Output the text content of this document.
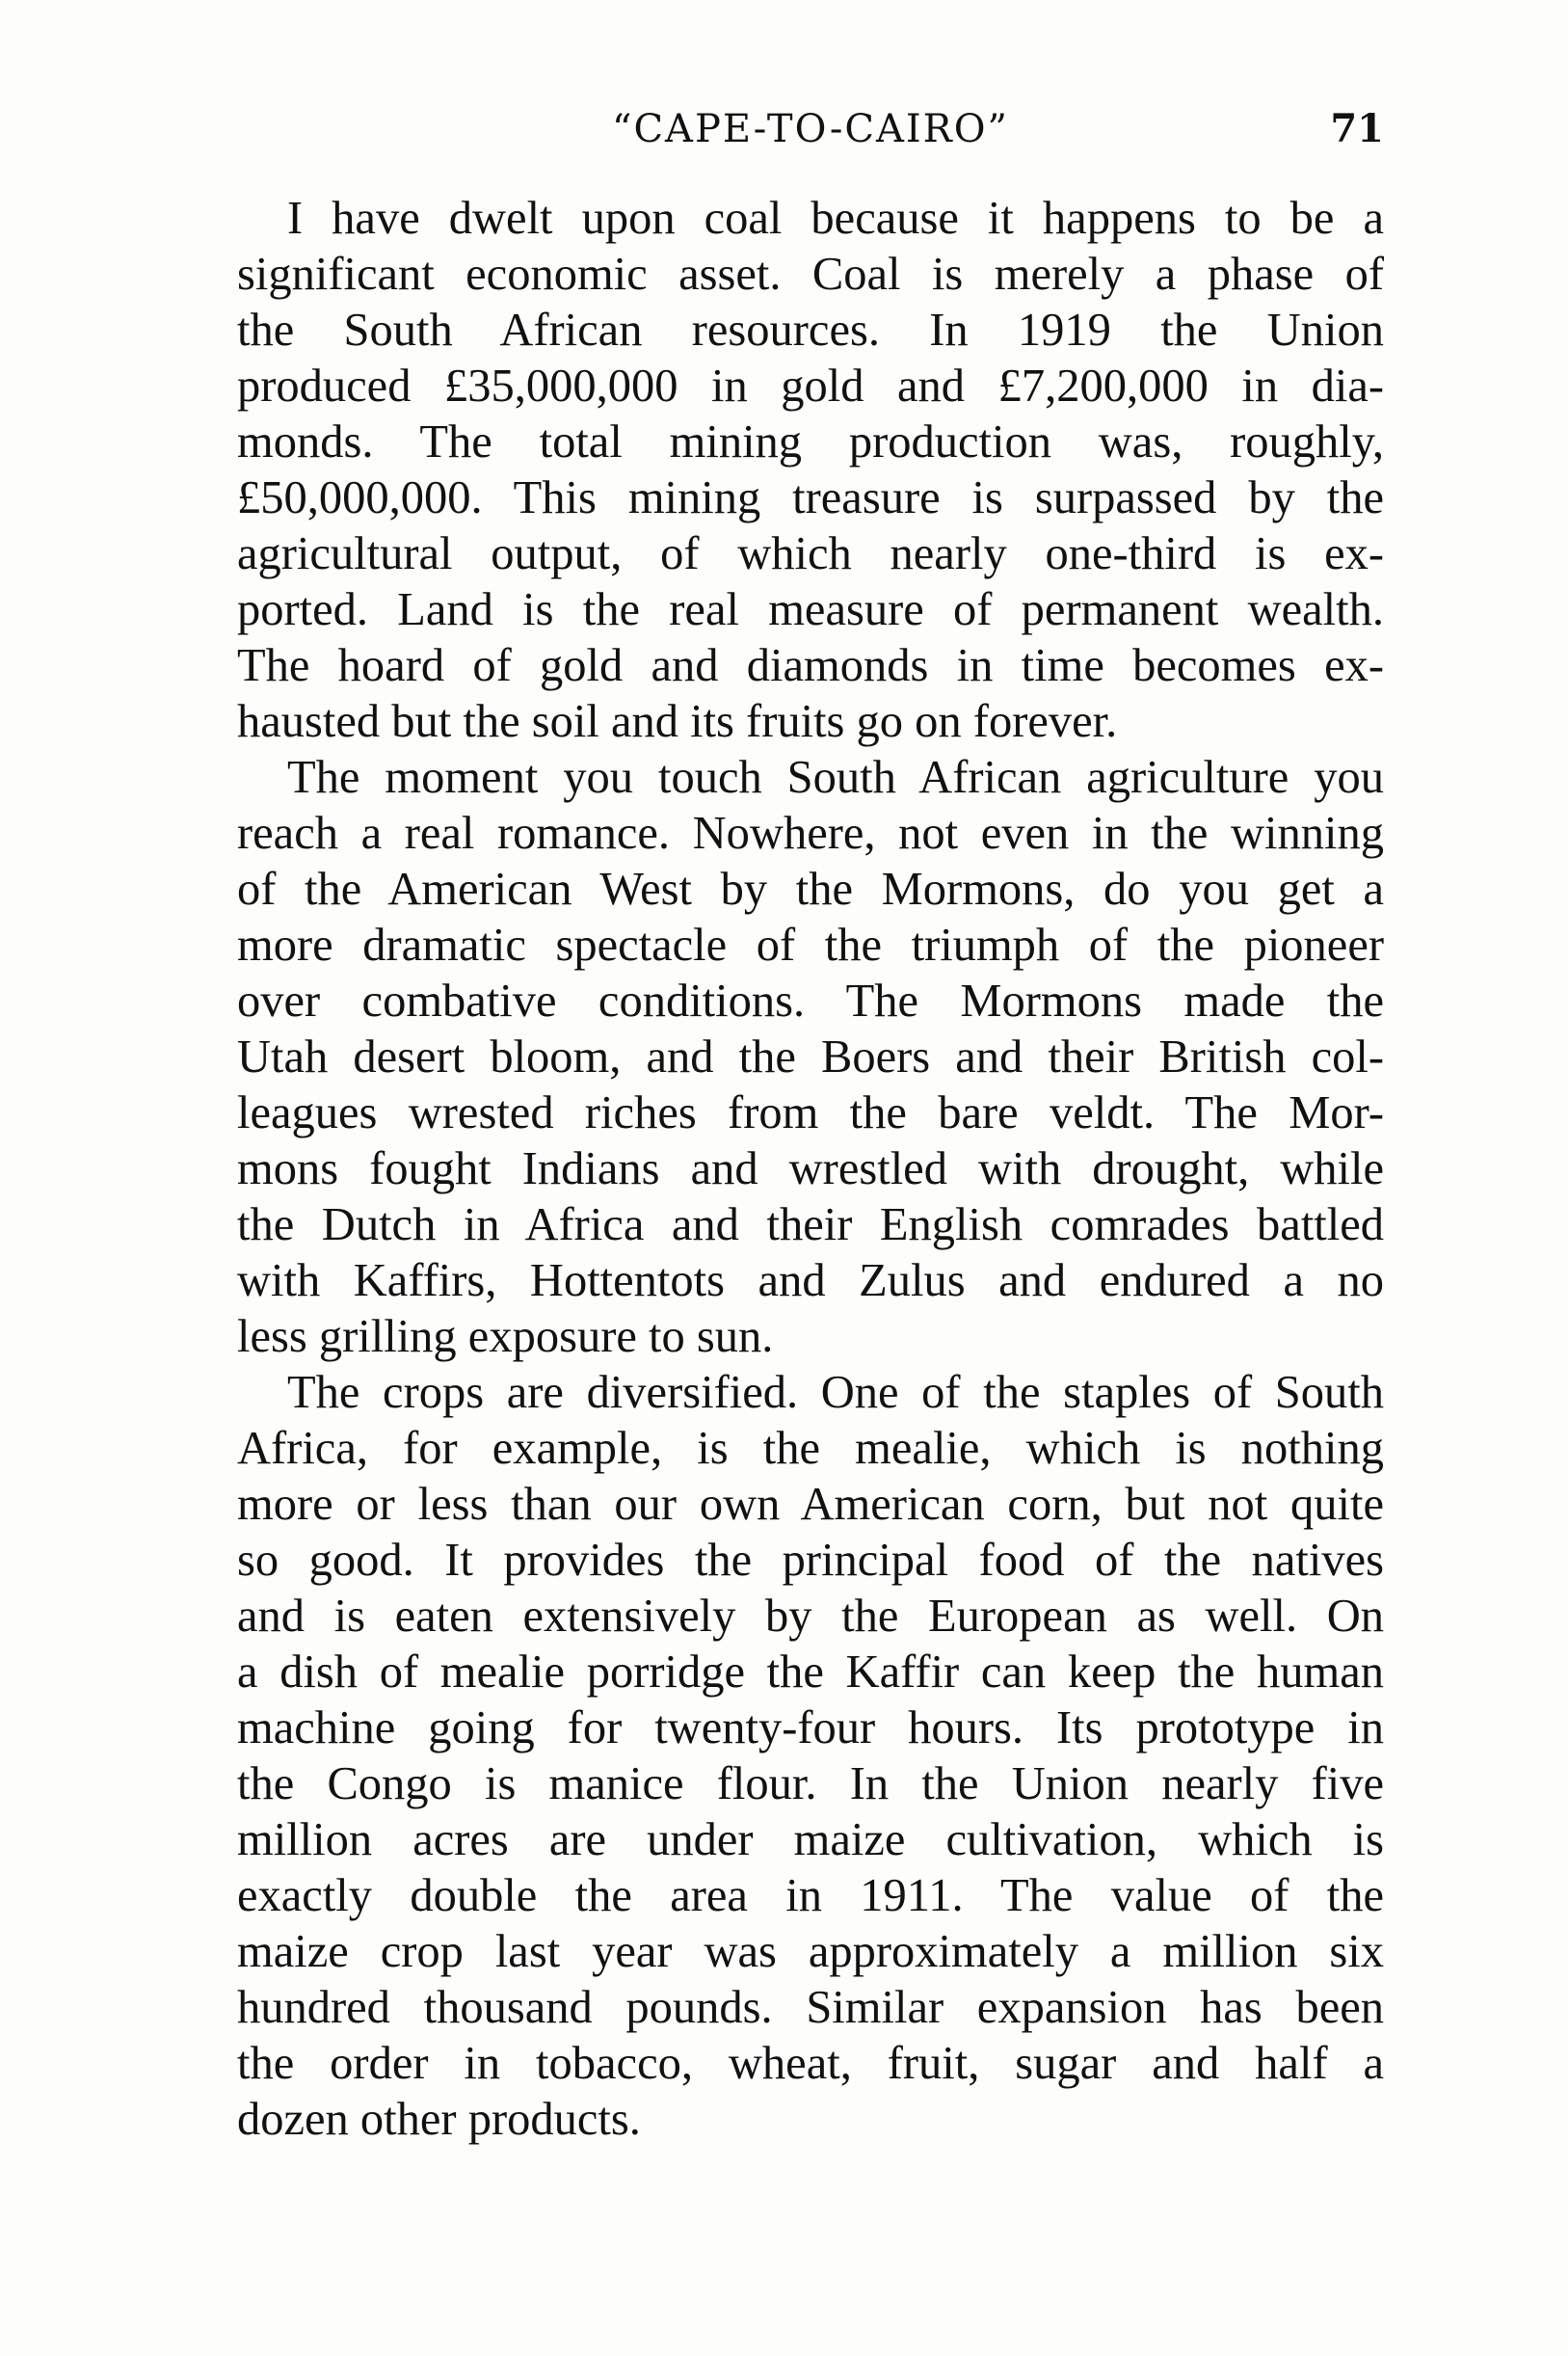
“CAPE-TO-CAIRO”	71
I have dwelt upon coal because it happens to be a
significant economic asset. Coal is merely a phase of
the South African resources. In 1919 the Union
produced £35,000,000 in gold and £7,200,000 in dia-
monds. The total mining production was, roughly,
£50,000,000. This mining treasure is surpassed by the
agricultural output, of which nearly one-third is ex-
ported. Land is the real measure of permanent wealth.
The hoard of gold and diamonds in time becomes ex-
hausted but the soil and its fruits go on forever.
The moment you touch South African agriculture you
reach a real romance. Nowhere, not even in the winning
of the American West by the Mormons, do you get a
more dramatic spectacle of the triumph of the pioneer
over combative conditions. The Mormons made the
Utah desert bloom, and the Boers and their British col-
leagues wrested riches from the bare veldt. The Mor-
mons fought Indians and wrestled with drought, while
the Dutch in Africa and their English comrades battled
with Kaffirs, Hottentots and Zulus and endured a no
less grilling exposure to sun.
The crops are diversified. One of the staples of South
Africa, for example, is the mealie, which is nothing
more or less than our own American corn, but not quite
so good. It provides the principal food of the natives
and is eaten extensively by the European as well. On
a dish of mealie porridge the Kaffir can keep the human
machine going for twenty-four hours. Its prototype in
the Congo is manice flour. In the Union nearly five
million acres are under maize cultivation, which is
exactly double the area in 1911. The value of the
maize crop last year was approximately a million six
hundred thousand pounds. Similar expansion has been
the order in tobacco, wheat, fruit, sugar and half a
dozen other products.
